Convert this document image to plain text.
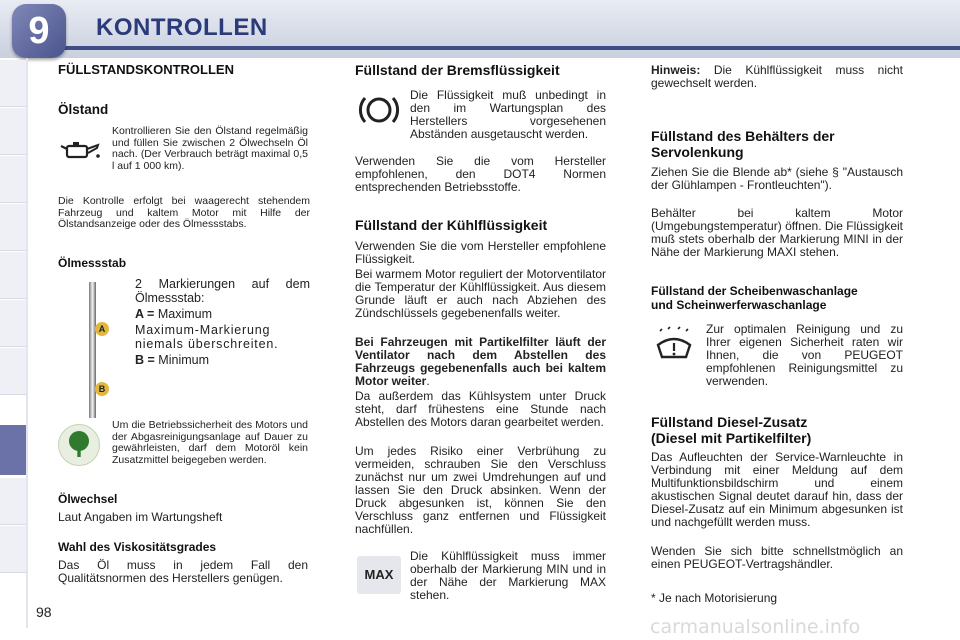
9	KONTROLLEN
FÜLLSTANDSKONTROLLEN
Ölstand
Kontrollieren Sie den Ölstand regelmäßig und füllen Sie zwischen 2 Ölwechseln Öl nach. (Der Verbrauch beträgt maximal 0,5 l auf 1 000 km).
Die Kontrolle erfolgt bei waagerecht stehendem Fahrzeug und kaltem Motor mit Hilfe der Ölstandsanzeige oder des Ölmessstabs.
Ölmessstab
A
B
2 Markierungen auf dem Ölmessstab:
A = Maximum
Maximum-Markierung niemals überschreiten.
B = Minimum
Um die Betriebssicherheit des Motors und der Abgasreinigungsanlage auf Dauer zu gewährleisten, darf dem Motoröl kein Zusatzmittel beigegeben werden.
Ölwechsel
Laut Angaben im Wartungsheft
Wahl des Viskositätsgrades
Das Öl muss in jedem Fall den Qualitätsnormen des Herstellers genügen.
Füllstand der Bremsflüssigkeit
Die Flüssigkeit muß unbedingt in den im Wartungsplan des Herstellers vorgesehenen Abständen ausgetauscht werden.
Verwenden Sie die vom Hersteller empfohlenen, den DOT4 Normen entsprechenden Betriebsstoffe.
Füllstand der Kühlflüssigkeit
Verwenden Sie die vom Hersteller empfohlene Flüssigkeit.
Bei warmem Motor reguliert der Motorventilator die Temperatur der Kühlflüssigkeit. Aus diesem Grunde läuft er auch nach Abziehen des Zündschlüssels gegebenenfalls weiter.
Bei Fahrzeugen mit Partikelfilter läuft der Ventilator nach dem Abstellen des Fahrzeugs gegebenenfalls auch bei kaltem Motor weiter.
Da außerdem das Kühlsystem unter Druck steht, darf frühestens eine Stunde nach Abstellen des Motors daran gearbeitet werden.
Um jedes Risiko einer Verbrühung zu vermeiden, schrauben Sie den Verschluss zunächst nur um zwei Umdrehungen auf und lassen Sie den Druck absinken. Wenn der Druck abgesunken ist, können Sie den Verschluss ganz entfernen und Flüssigkeit nachfüllen.
MAX
Die Kühlflüssigkeit muss immer oberhalb der Markierung MIN und in der Nähe der Markierung MAX stehen.
Hinweis: Die Kühlflüssigkeit muss nicht gewechselt werden.
Füllstand des Behälters der
Servolenkung
Ziehen Sie die Blende ab* (siehe § "Austausch der Glühlampen - Frontleuchten").
Behälter bei kaltem Motor (Umgebungstemperatur) öffnen. Die Flüssigkeit muß stets oberhalb der Markierung MINI in der Nähe der Markierung MAXI stehen.
Füllstand der Scheibenwaschanlage
und Scheinwerferwaschanlage
Zur optimalen Reinigung und zu Ihrer eigenen Sicherheit raten wir Ihnen, die von PEUGEOT empfohlenen Reinigungsmittel zu verwenden.
Füllstand Diesel-Zusatz
(Diesel mit Partikelfilter)
Das Aufleuchten der Service-Warnleuchte in Verbindung mit einer Meldung auf dem Multifunktionsbildschirm und einem akustischen Signal deutet darauf hin, dass der Diesel-Zusatz auf ein Minimum abgesunken ist und nachgefüllt werden muss.
Wenden Sie sich bitte schnellstmöglich an einen PEUGEOT-Vertragshändler.
* Je nach Motorisierung
98
carmanualsonline.info
